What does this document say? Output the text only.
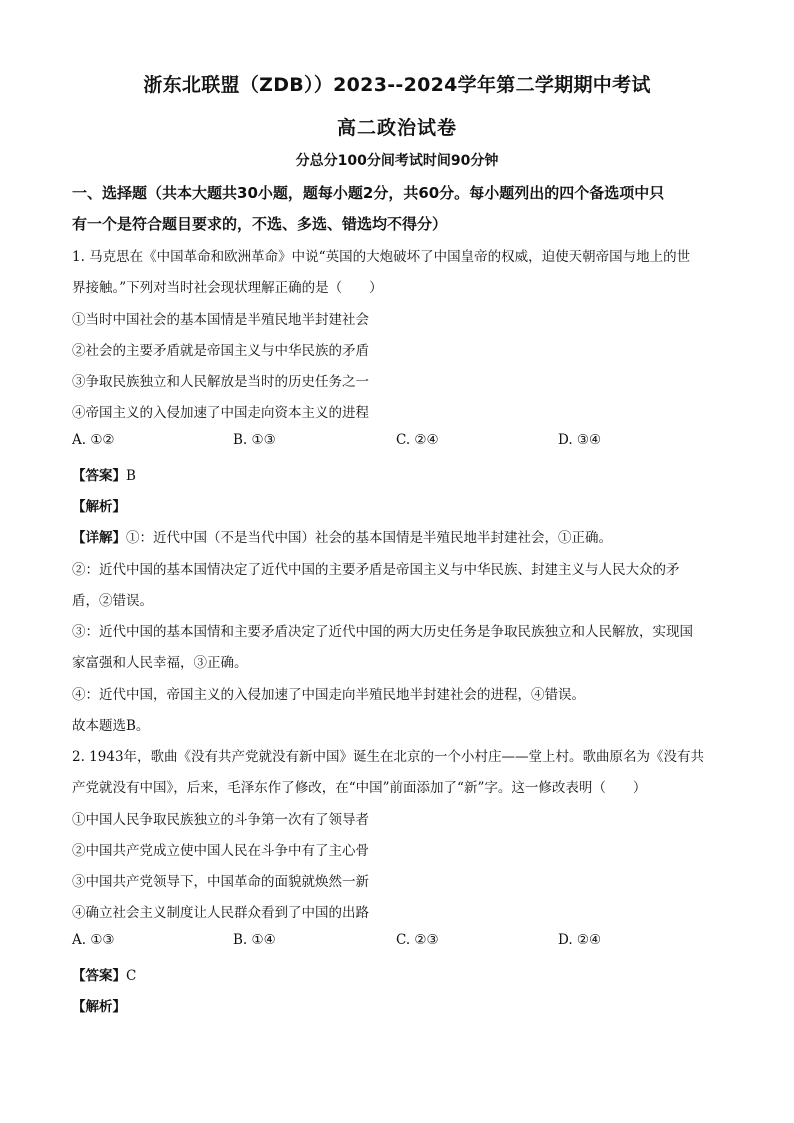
浙东北联盟（ZDB））2023--2024学年第二学期期中考试
高二政治试卷
分总分100分间考试时间90分钟
一、选择题（共本大题共30小题，题每小题2分，共60分。每小题列出的四个备选项中只
有一个是符合题目要求的，不选、多选、错选均不得分）
1. 马克思在《中国革命和欧洲革命》中说“英国的大炮破坏了中国皇帝的权威，迫使天朝帝国与地上的世
界接触。”下列对当时社会现状理解正确的是（　　）
①当时中国社会的基本国情是半殖民地半封建社会
②社会的主要矛盾就是帝国主义与中华民族的矛盾
③争取民族独立和人民解放是当时的历史任务之一
④帝国主义的入侵加速了中国走向资本主义的进程
A. ①②	B. ①③	C. ②④	D. ③④
【答案】B
【解析】
【详解】①：近代中国（不是当代中国）社会的基本国情是半殖民地半封建社会，①正确。
②：近代中国的基本国情决定了近代中国的主要矛盾是帝国主义与中华民族、封建主义与人民大众的矛
盾，②错误。
③：近代中国的基本国情和主要矛盾决定了近代中国的两大历史任务是争取民族独立和人民解放，实现国
家富强和人民幸福，③正确。
④：近代中国，帝国主义的入侵加速了中国走向半殖民地半封建社会的进程，④错误。
故本题选B。
2. 1943年，歌曲《没有共产党就没有新中国》诞生在北京的一个小村庄——堂上村。歌曲原名为《没有共
产党就没有中国》，后来，毛泽东作了修改，在“中国”前面添加了“新”字。这一修改表明（　　）
①中国人民争取民族独立的斗争第一次有了领导者
②中国共产党成立使中国人民在斗争中有了主心骨
③中国共产党领导下，中国革命的面貌就焕然一新
④确立社会主义制度让人民群众看到了中国的出路
A. ①③	B. ①④	C. ②③	D. ②④
【答案】C
【解析】
